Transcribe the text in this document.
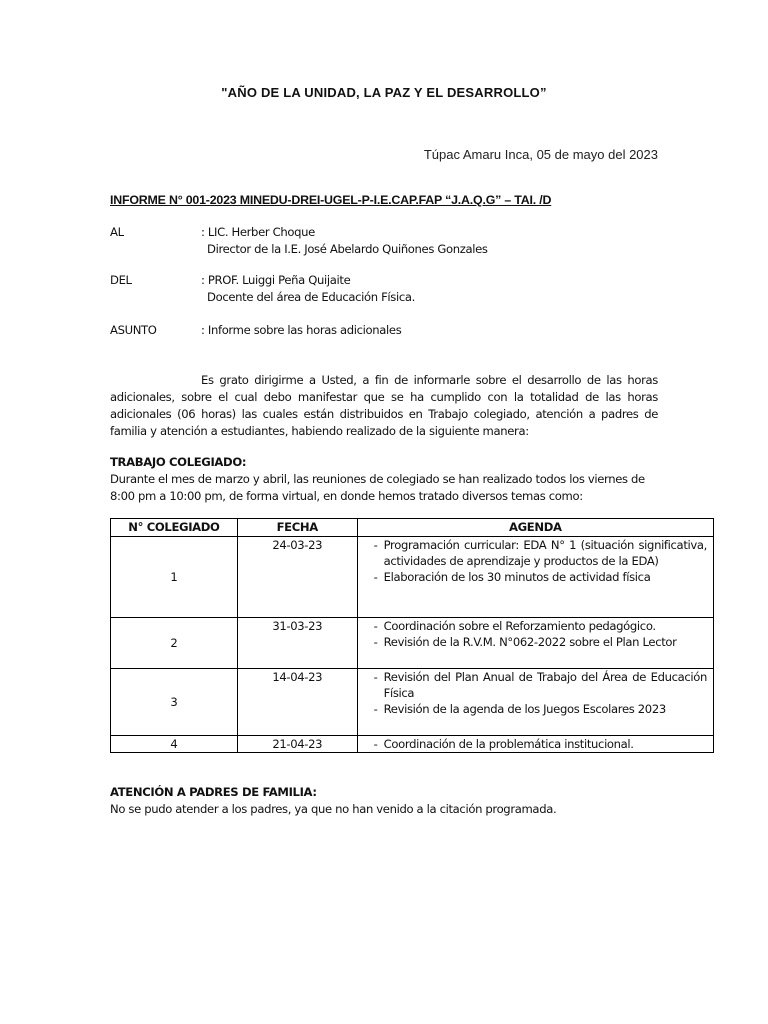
"AÑO DE LA UNIDAD, LA PAZ Y EL DESARROLLO”
Túpac Amaru Inca, 05 de mayo del 2023
INFORME N° 001-2023 MINEDU-DREI-UGEL-P-I.E.CAP.FAP “J.A.Q.G” – TAI. /D
AL	: LIC. Herber Choque
Director de la I.E. José Abelardo Quiñones Gonzales
DEL	: PROF. Luiggi Peña Quijaite
Docente del área de Educación Física.
ASUNTO	: Informe sobre las horas adicionales
Es grato dirigirme a Usted, a fin de informarle sobre el desarrollo de las horas adicionales, sobre el cual debo manifestar que se ha cumplido con la totalidad de las horas adicionales (06 horas) las cuales están distribuidos en Trabajo colegiado, atención a padres de familia y atención a estudiantes, habiendo realizado de la siguiente manera:
TRABAJO COLEGIADO:
Durante el mes de marzo y abril, las reuniones de colegiado se han realizado todos los viernes de 8:00 pm a 10:00 pm, de forma virtual, en donde hemos tratado diversos temas como:
N° COLEGIADO	FECHA	AGENDA
1	24-03-23	- Programación curricular: EDA N° 1 (situación significativa, actividades de aprendizaje y productos de la EDA)
- Elaboración de los 30 minutos de actividad física

2	31-03-23	- Coordinación sobre el Reforzamiento pedagógico.
- Revisión de la R.V.M. N°062-2022 sobre el Plan Lector

3	14-04-23	- Revisión del Plan Anual de Trabajo del Área de Educación Física
- Revisión de la agenda de los Juegos Escolares 2023

4	21-04-23	- Coordinación de la problemática institucional.
ATENCIÓN A PADRES DE FAMILIA:
No se pudo atender a los padres, ya que no han venido a la citación programada.
